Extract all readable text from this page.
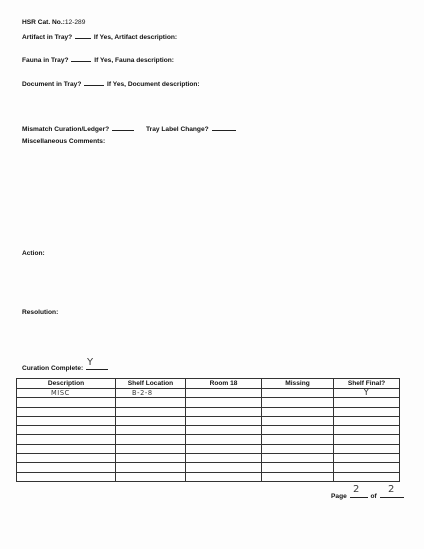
HSR Cat. No.:12-289
Artifact in Tray?	If Yes, Artifact description:
Fauna in Tray?	If Yes, Fauna description:
Document in Tray?	If Yes, Document description:
Mismatch Curation/Ledger?	Tray Label Change?
Miscellaneous Comments:
Action:
Resolution:
Curation Complete:
Y
Description	Shelf Location	Room 18	Missing	Shelf Final?
MISC	B-2-8			Y

Page	of
2	2
